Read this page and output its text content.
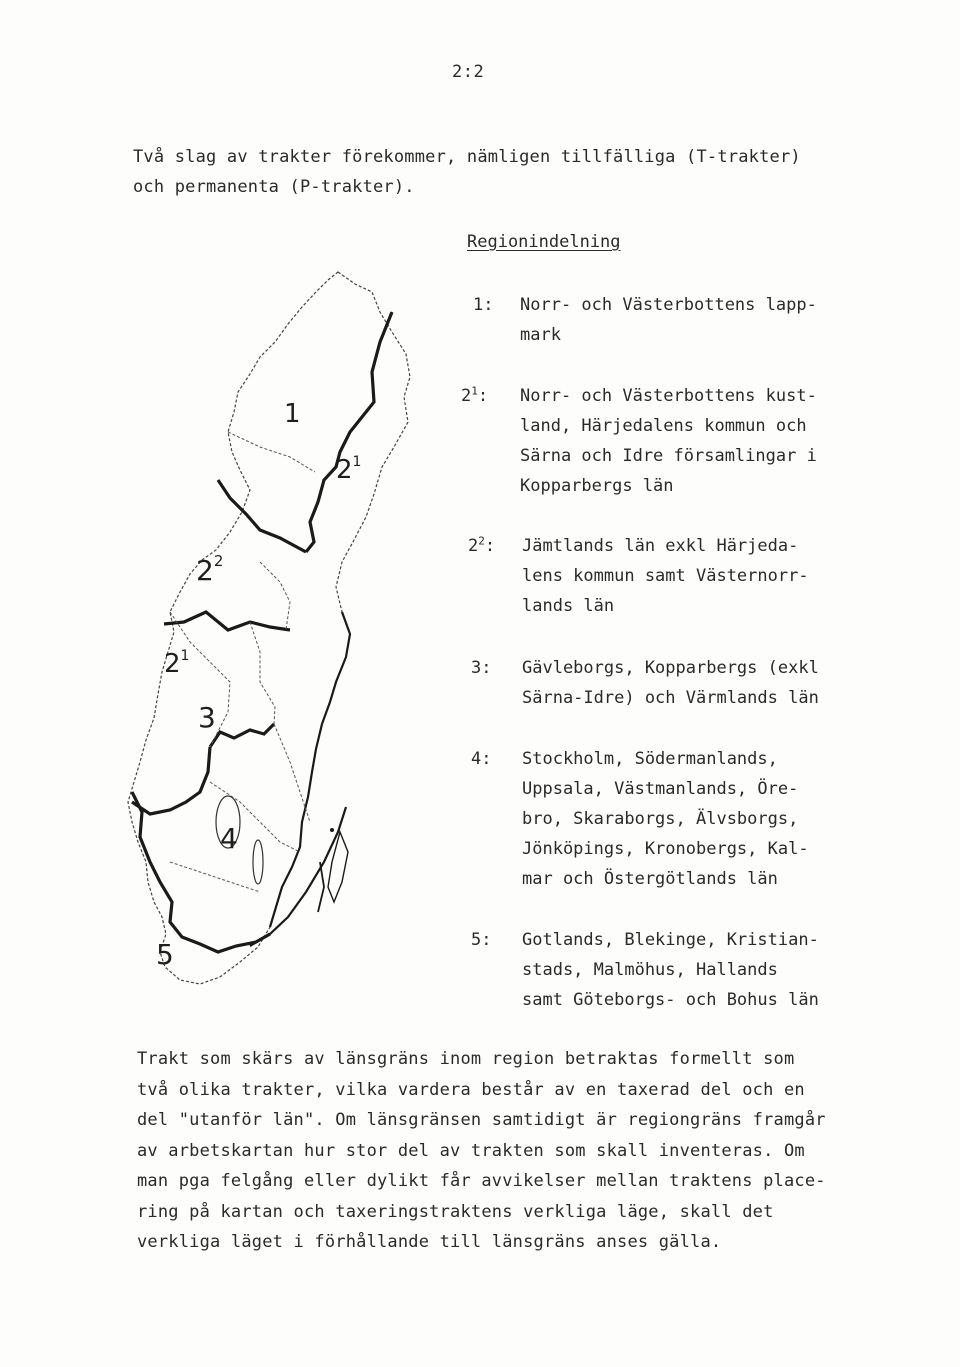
2:2
Två slag av trakter förekommer, nämligen tillfälliga (T-trakter)
och permanenta (P-trakter).
Regionindelning
1
$2^1$
$2^2$
$2^1$
3
4
5
1: Norr- och Västerbottens lapp-
mark
$2^1$: Norr- och Västerbottens kust-
land, Härjedalens kommun och
Särna och Idre församlingar i
Kopparbergs län
$2^2$: Jämtlands län exkl Härjeda-
lens kommun samt Västernorr-
lands län
3: Gävleborgs, Kopparbergs (exkl
Särna-Idre) och Värmlands län
4: Stockholm, Södermanlands,
Uppsala, Västmanlands, Öre-
bro, Skaraborgs, Älvsborgs,
Jönköpings, Kronobergs, Kal-
mar och Östergötlands län
5: Gotlands, Blekinge, Kristian-
stads, Malmöhus, Hallands
samt Göteborgs- och Bohus län
Trakt som skärs av länsgräns inom region betraktas formellt som
två olika trakter, vilka vardera består av en taxerad del och en
del "utanför län". Om länsgränsen samtidigt är regiongräns framgår
av arbetskartan hur stor del av trakten som skall inventeras. Om
man pga felgång eller dylikt får avvikelser mellan traktens place-
ring på kartan och taxeringstraktens verkliga läge, skall det
verkliga läget i förhållande till länsgräns anses gälla.
